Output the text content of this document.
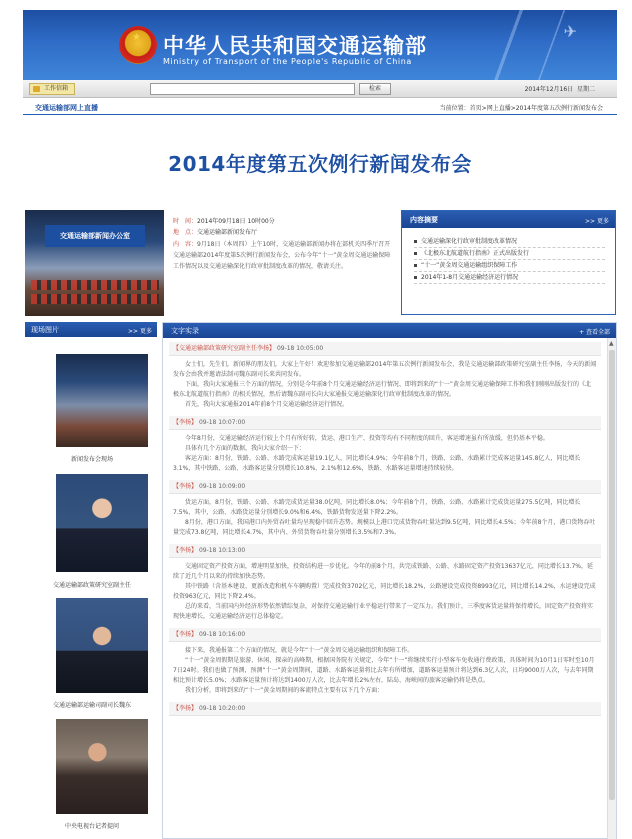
✈
★ 中华人民共和国交通运输部
Ministry of Transport of the People's Republic of China
工作信箱	检索	2014年12月16日 星期二
交通运输部网上直播	当前位置：首页>网上直播>2014年度第五次例行新闻发布会
2014年度第五次例行新闻发布会
交通运输部新闻办公室
时　间：2014年09月18日 10时00分
地　点：交通运输部新闻发布厅
内　容：9月18日（本周四）上午10时，交通运输部新闻办将在部机关四季厅召开交通运输部2014年度第5次例行新闻发布会，公布今年“十一”黄金周交通运输保障工作情况以及交通运输深化行政审批制度改革的情况，敬请关注。
内容摘要	>> 更多
交通运输深化行政审批制度改革情况
《北极东北航道航行指南》正式出版发行
“十一”黄金周交通运输组织保障工作
2014年1-8月交通运输经济运行情况
现场图片	>> 更多
新闻发布会现场
交通运输部政策研究室副主任
交通运输部运输司副司长魏东
中央电视台记者提问
文字实录	+ 查看全部
▲
【交通运输部政策研究室副主任李扬】 09-18 10:05:00

女士们，先生们，新闻界的朋友们，大家上午好！欢迎参加交通运输部2014年第五次例行新闻发布会，我是交通运输部政策研究室副主任李扬，今天的新闻发布会由我并邀请法制司魏东副司长来共同发布。

下面，我向大家通报三个方面的情况，分别是今年前8个月交通运输经济运行情况、即将到来的“十一”黄金周交通运输保障工作和我们刚刚出版发行的《北极东北航道航行指南》的相关情况，然后请魏东副司长向大家通报交通运输深化行政审批制度改革的情况。

首先，我向大家通报2014年前8个月交通运输经济运行情况。

【李扬】 09-18 10:07:00

今年8月份，交通运输经济运行较上个月有所好转，货运、港口生产、投资等均有不同程度的回升，客运增速虽有所放缓，但仍基本平稳。

具体有几个方面的数据，我向大家介绍一下：

客运方面：8月份，铁路、公路、水路完成客运量19.1亿人，同比增长4.9%；今年前8个月，铁路、公路、水路累计完成客运量145.8亿人，同比增长3.1%，其中铁路、公路、水路客运量分别增长10.8%、2.1%和12.6%，铁路、水路客运量增速持续较快。

【李扬】 09-18 10:09:00

货运方面，8月份，铁路、公路、水路完成货运量38.0亿吨，同比增长8.0%；今年前8个月，铁路、公路、水路累计完成货运量275.5亿吨，同比增长7.5%，其中，公路、水路货运量分别增长9.0%和6.4%，铁路货物发送量下降2.2%。

8月份，港口方面，我国港口内外贸吞吐量均呈现稳中回升态势。规模以上港口完成货物吞吐量达到9.5亿吨，同比增长4.5%；今年前8个月，港口货物吞吐量完成73.8亿吨，同比增长4.7%，其中内、外贸货物吞吐量分别增长3.5%和7.3%。

【李扬】 09-18 10:13:00

交通固定资产投资方面，增速明显加快，投资结构进一步优化。今年的前8个月，共完成铁路、公路、水路固定资产投资13637亿元，同比增长13.7%，延续了近几个月以来的持续加快态势。

其中铁路（含基本建设、更新改造和机车车辆购置）完成投资3702亿元，同比增长18.2%，公路建设完成投资8993亿元，同比增长14.2%，水运建设完成投资963亿元，同比下降2.4%。

总的来看，当前国内外经济形势依然错综复杂，对保持交通运输行业平稳运行带来了一定压力。我们预计，三季度客货运量将保持增长，固定资产投资将实现快速增长，交通运输经济运行总体稳定。

【李扬】 09-18 10:16:00

接下来，我通报第二个方面的情况，就是今年“十一”黄金周交通运输组织和保障工作。

“十一”黄金周假期是旅游、休闲、探亲的高峰期，根据国务院有关规定，今年“十一”将继续实行小型客车免收通行费政策，具体时间为10月1日零时至10月7日24时。我们也做了预测，预测“十一”黄金周期间，道路、水路客运量将比去年有所增加，道路客运量预计将达到6.3亿人次，日均9000万人次，与去年同期相比预计增长5.0%；水路客运量预计将达到1400万人次，比去年增长2%左右，陆岛、海峡间的旅客运输仍将是热点。

我们分析，即将到来的“十一”黄金周期间的客流特点主要有以下几个方面：

【李扬】 09-18 10:20:00
